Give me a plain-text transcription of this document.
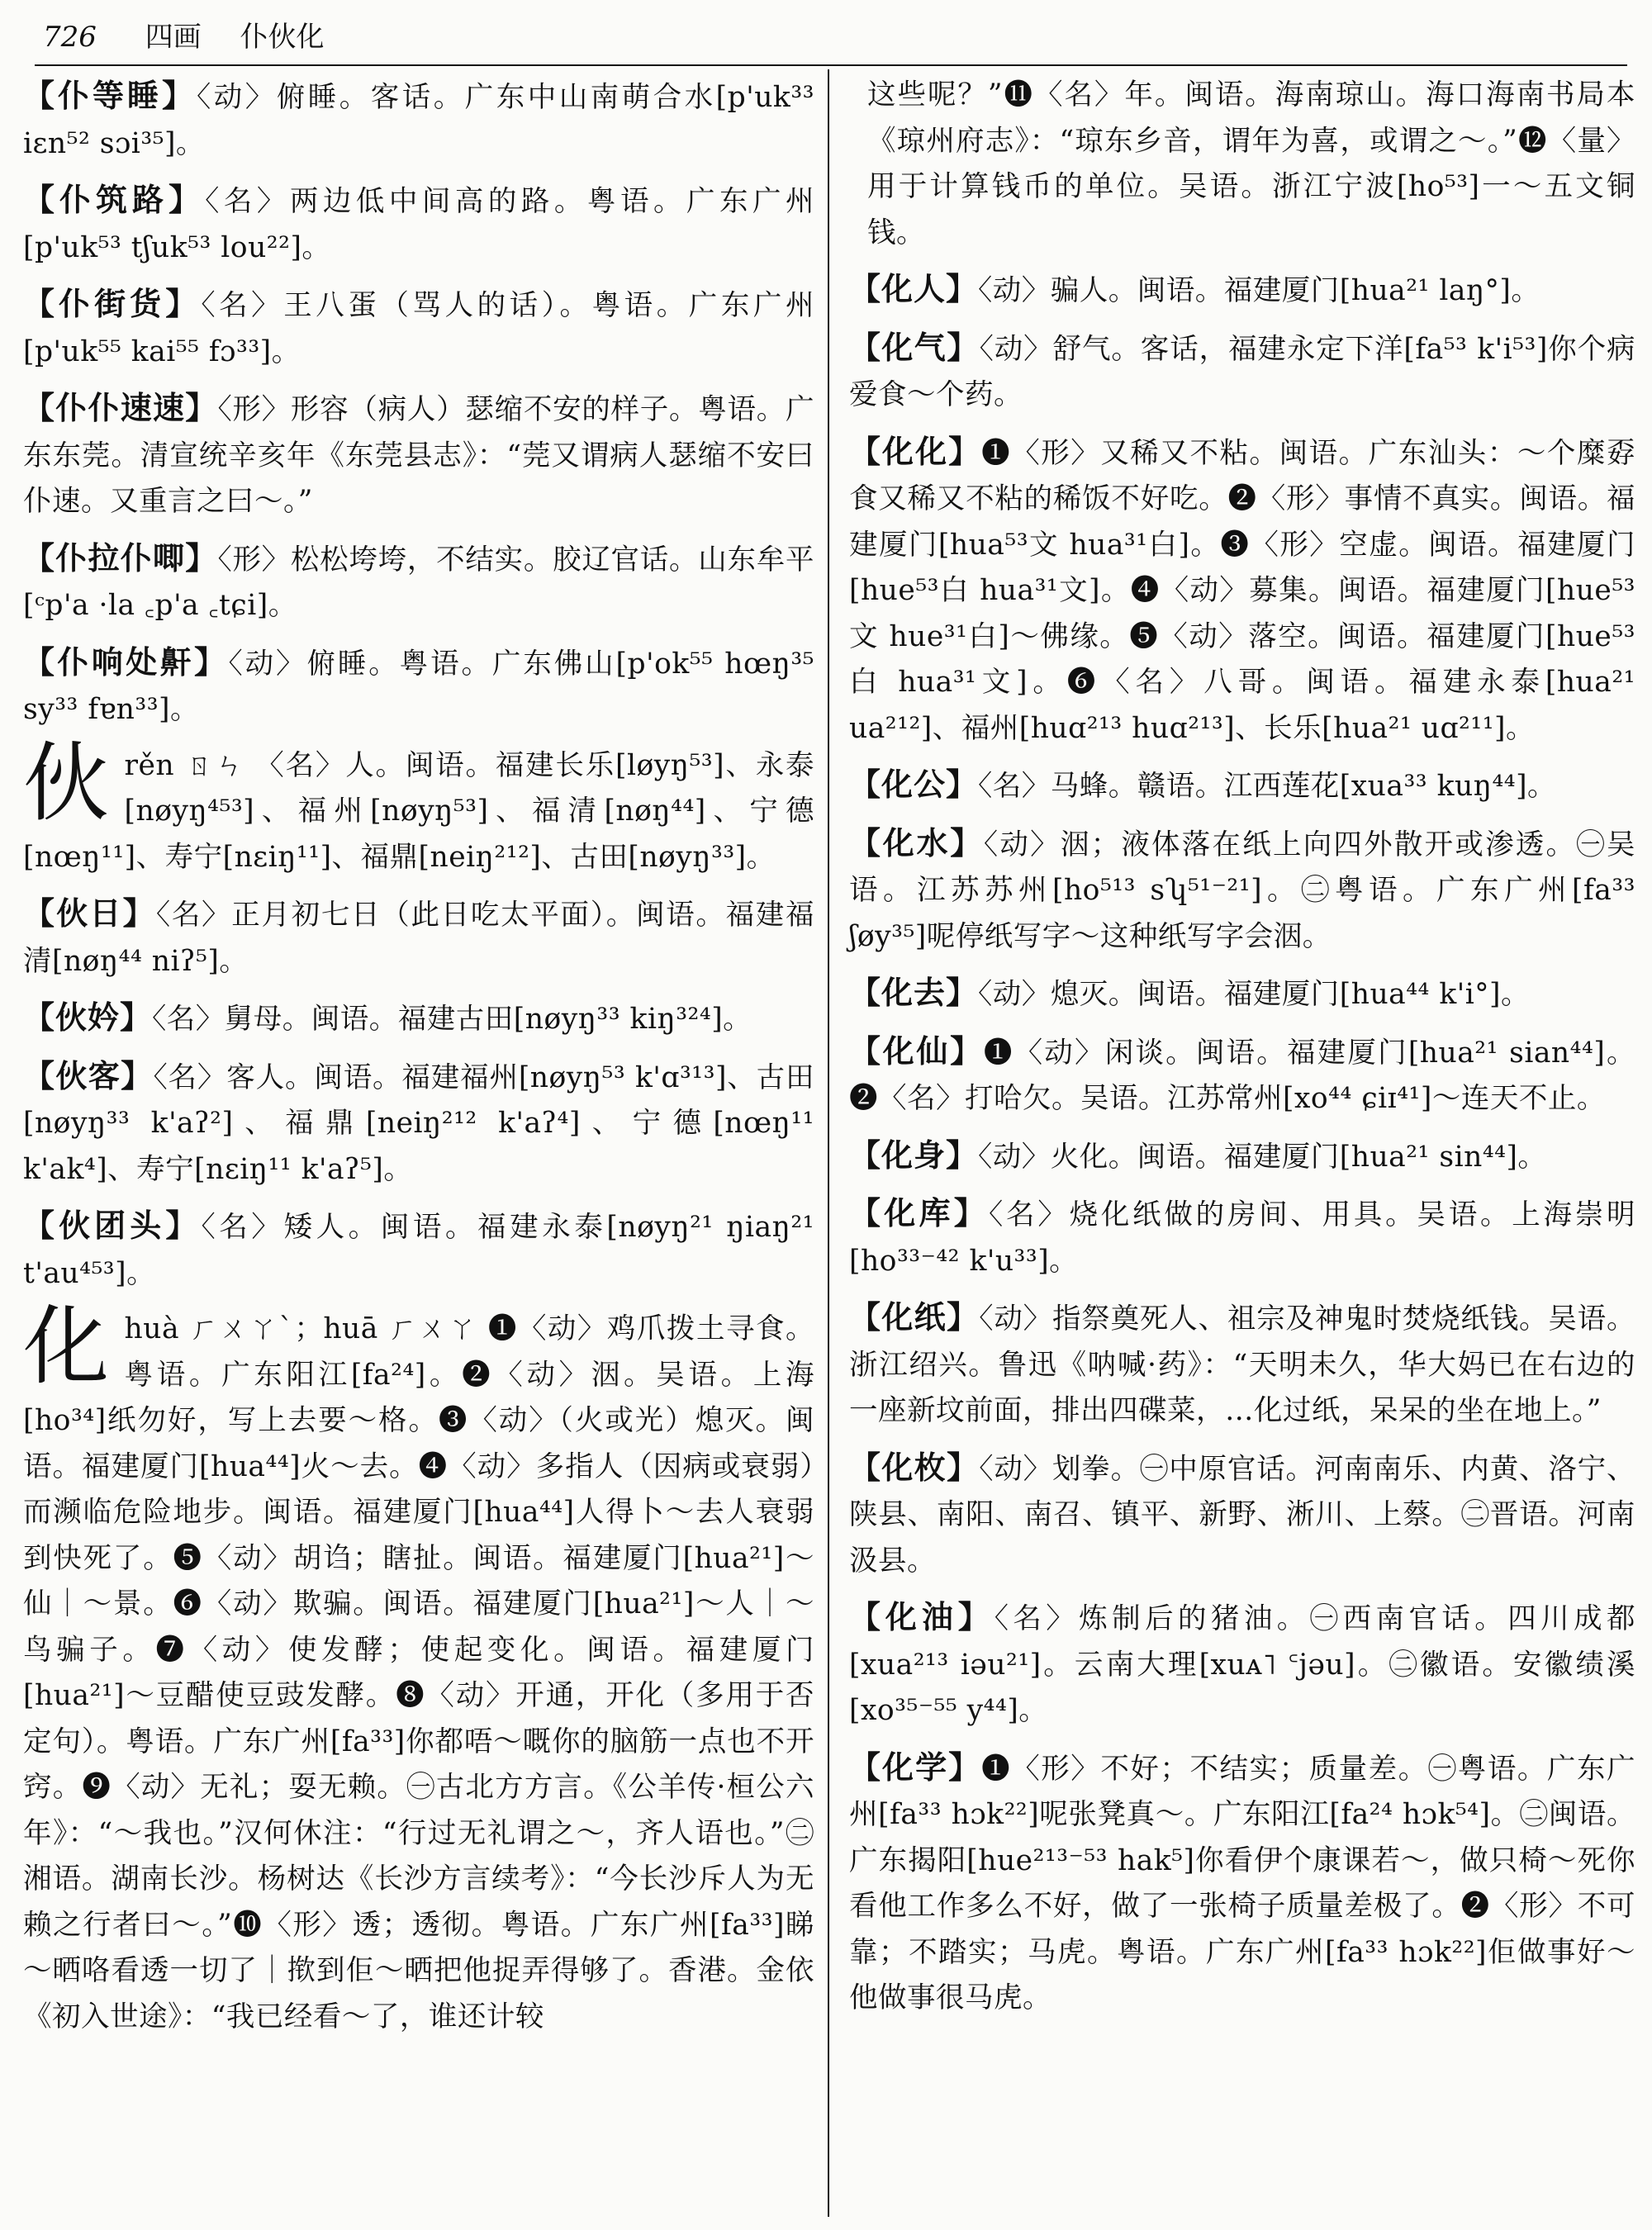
726 四画 仆伙化
【仆等睡】〈动〉俯睡。客话。广东中山南萌合水[p'uk³³ iɛn⁵² sɔi³⁵]。
【仆筑路】〈名〉两边低中间高的路。粤语。广东广州[p'uk⁵³ tʃuk⁵³ lou²²]。
【仆街货】〈名〉王八蛋（骂人的话）。粤语。广东广州[p'uk⁵⁵ kai⁵⁵ fɔ³³]。
【仆仆速速】〈形〉形容（病人）瑟缩不安的样子。粤语。广东东莞。清宣统辛亥年《东莞县志》：“莞又谓病人瑟缩不安曰仆速。又重言之曰～。”
【仆拉仆唧】〈形〉松松垮垮，不结实。胶辽官话。山东牟平[ᶜp'a ·la ꜀p'a ꜀tɕi]。
【仆响处鼾】〈动〉俯睡。粤语。广东佛山[p'ok⁵⁵ hœŋ³⁵ sy³³ fɐn³³]。
伙rěn ㄖㄣ 〈名〉人。闽语。福建长乐[løyŋ⁵³]、永泰[nøyŋ⁴⁵³]、福州[nøyŋ⁵³]、福清[nøŋ⁴⁴]、宁德[nœŋ¹¹]、寿宁[nɛiŋ¹¹]、福鼎[neiŋ²¹²]、古田[nøyŋ³³]。
【伙日】〈名〉正月初七日（此日吃太平面）。闽语。福建福清[nøŋ⁴⁴ niʔ⁵]。
【伙妗】〈名〉舅母。闽语。福建古田[nøyŋ³³ kiŋ³²⁴]。
【伙客】〈名〉客人。闽语。福建福州[nøyŋ⁵³ k'ɑ³¹³]、古田[nøyŋ³³ k'aʔ²]、福鼎[neiŋ²¹² k'aʔ⁴]、宁德[nœŋ¹¹ k'ak⁴]、寿宁[nɛiŋ¹¹ k'aʔ⁵]。
【伙团头】〈名〉矮人。闽语。福建永泰[nøyŋ²¹ ŋiaŋ²¹ t'au⁴⁵³]。
化huà ㄏㄨㄚˋ；huā ㄏㄨㄚ ❶〈动〉鸡爪拨土寻食。粤语。广东阳江[fa²⁴]。❷〈动〉洇。吴语。上海[ho³⁴]纸勿好，写上去要～格。❸〈动〉（火或光）熄灭。闽语。福建厦门[hua⁴⁴]火～去。❹〈动〉多指人（因病或衰弱）而濒临危险地步。闽语。福建厦门[hua⁴⁴]人得卜～去人衰弱到快死了。❺〈动〉胡诌；瞎扯。闽语。福建厦门[hua²¹]～仙｜～景。❻〈动〉欺骗。闽语。福建厦门[hua²¹]～人｜～鸟骗子。❼〈动〉使发酵；使起变化。闽语。福建厦门[hua²¹]～豆醋使豆豉发酵。❽〈动〉开通，开化（多用于否定句）。粤语。广东广州[fa³³]你都唔～嘅你的脑筋一点也不开窍。❾〈动〉无礼；耍无赖。㊀古北方方言。《公羊传·桓公六年》：“～我也。”汉何休注：“行过无礼谓之～，齐人语也。”㊁湘语。湖南长沙。杨树达《长沙方言续考》：“今长沙斥人为无赖之行者曰～。”❿〈形〉透；透彻。粤语。广东广州[fa³³]睇～晒咯看透一切了｜揿到佢～晒把他捉弄得够了。香港。金依《初入世途》：“我已经看～了，谁还计较
这些呢？”⓫〈名〉年。闽语。海南琼山。海口海南书局本《琼州府志》：“琼东乡音，谓年为喜，或谓之～。”⓬〈量〉用于计算钱币的单位。吴语。浙江宁波[ho⁵³]一～五文铜钱。
【化人】〈动〉骗人。闽语。福建厦门[hua²¹ laŋ°]。
【化气】〈动〉舒气。客话，福建永定下洋[fa⁵³ k'i⁵³]你个病爱食～个药。
【化化】❶〈形〉又稀又不粘。闽语。广东汕头：～个糜孬食又稀又不粘的稀饭不好吃。❷〈形〉事情不真实。闽语。福建厦门[hua⁵³文 hua³¹白]。❸〈形〉空虚。闽语。福建厦门[hue⁵³白 hua³¹文]。❹〈动〉募集。闽语。福建厦门[hue⁵³文 hue³¹白]～佛缘。❺〈动〉落空。闽语。福建厦门[hue⁵³白 hua³¹文]。❻〈名〉八哥。闽语。福建永泰[hua²¹ ua²¹²]、福州[huɑ²¹³ huɑ²¹³]、长乐[hua²¹ uɑ²¹¹]。
【化公】〈名〉马蜂。赣语。江西莲花[xua³³ kuŋ⁴⁴]。
【化水】〈动〉洇；液体落在纸上向四外散开或渗透。㊀吴语。江苏苏州[ho⁵¹³ sʮ⁵¹⁻²¹]。㊁粤语。广东广州[fa³³ ʃøy³⁵]呢停纸写字～这种纸写字会洇。
【化去】〈动〉熄灭。闽语。福建厦门[hua⁴⁴ k'i°]。
【化仙】❶〈动〉闲谈。闽语。福建厦门[hua²¹ sian⁴⁴]。❷〈名〉打哈欠。吴语。江苏常州[xo⁴⁴ ɕiɪ⁴¹]～连天不止。
【化身】〈动〉火化。闽语。福建厦门[hua²¹ sin⁴⁴]。
【化库】〈名〉烧化纸做的房间、用具。吴语。上海崇明[ho³³⁻⁴² k'u³³]。
【化纸】〈动〉指祭奠死人、祖宗及神鬼时焚烧纸钱。吴语。浙江绍兴。鲁迅《呐喊·药》：“天明未久，华大妈已在右边的一座新坟前面，排出四碟菜，…化过纸，呆呆的坐在地上。”
【化枚】〈动〉划拳。㊀中原官话。河南南乐、内黄、洛宁、陕县、南阳、南召、镇平、新野、淅川、上蔡。㊁晋语。河南汲县。
【化油】〈名〉炼制后的猪油。㊀西南官话。四川成都[xua²¹³ iəu²¹]。云南大理[xuᴀ˥ ꜂jəu]。㊁徽语。安徽绩溪[xo³⁵⁻⁵⁵ y⁴⁴]。
【化学】❶〈形〉不好；不结实；质量差。㊀粤语。广东广州[fa³³ hɔk²²]呢张凳真～。广东阳江[fa²⁴ hɔk⁵⁴]。㊁闽语。广东揭阳[hue²¹³⁻⁵³ hak⁵]你看伊个康课若～，做只椅～死你看他工作多么不好，做了一张椅子质量差极了。❷〈形〉不可靠；不踏实；马虎。粤语。广东广州[fa³³ hɔk²²]佢做事好～他做事很马虎。
